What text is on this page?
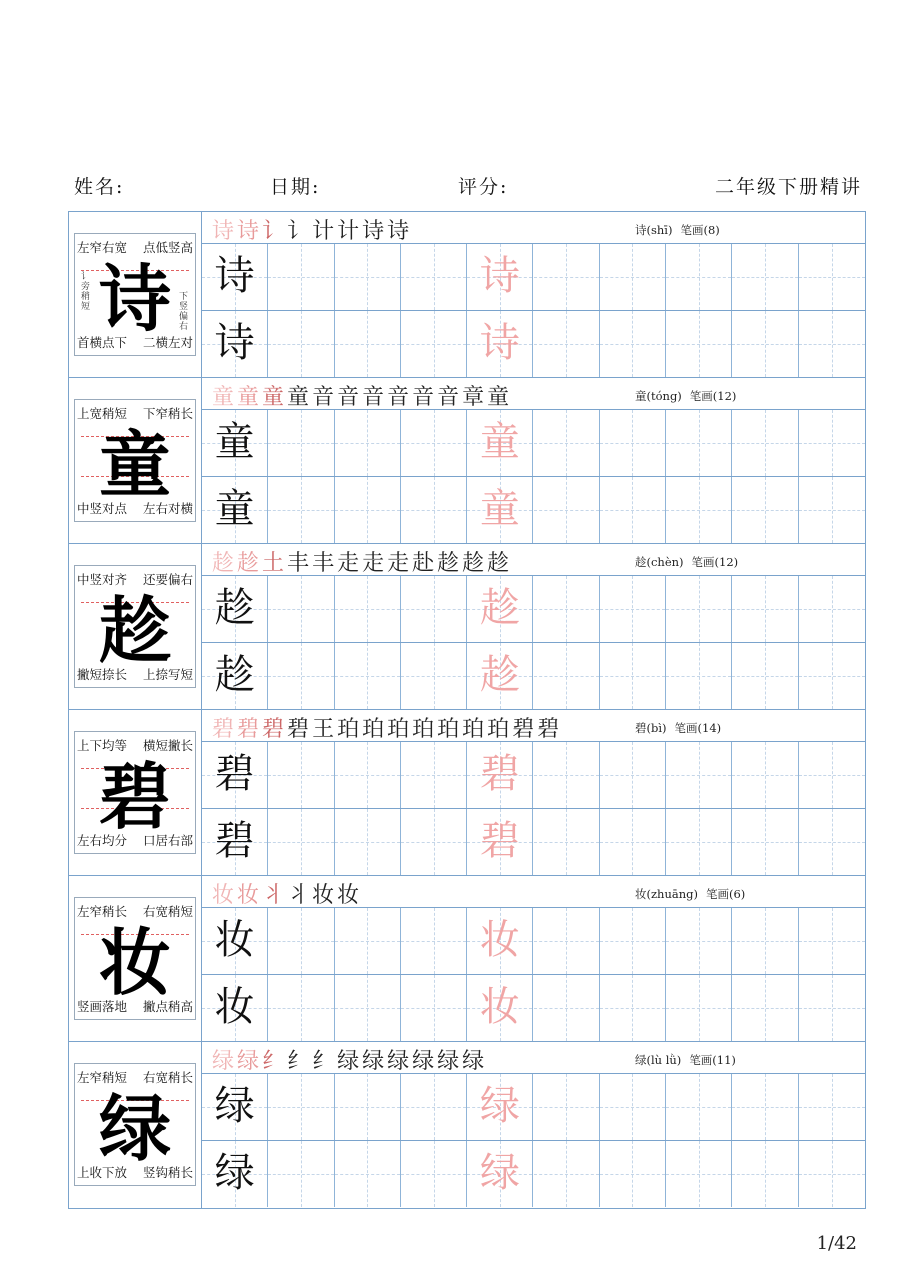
姓名:	日期:	评分:	二年级下册精讲
左窄右宽 点低竖高
首横点下 二横左对
诗
讠旁稍短
下竖偏右
诗诗讠讠计计诗诗	诗(shī) 笔画(8)
诗	诗
诗	诗
上宽稍短 下窄稍长
中竖对点 左右对横
童
童童童童音音音音音音章童	童(tóng) 笔画(12)
童	童
童	童
中竖对齐 还要偏右
撇短捺长 上捺写短
趁
趁趁土丰丰走走走赴趁趁趁	趁(chèn) 笔画(12)
趁	趁
趁	趁
上下均等 横短撇长
左右均分 口居右部
碧
碧碧碧碧王珀珀珀珀珀珀珀碧碧	碧(bì) 笔画(14)
碧	碧
碧	碧
左窄稍长 右宽稍短
竖画落地 撇点稍高
妆
妆妆丬丬妆妆	妆(zhuāng) 笔画(6)
妆	妆
妆	妆
左窄稍短 右宽稍长
上收下放 竖钩稍长
绿
绿绿纟纟纟绿绿绿绿绿绿	绿(lù lǜ) 笔画(11)
绿	绿
绿	绿
1/42
